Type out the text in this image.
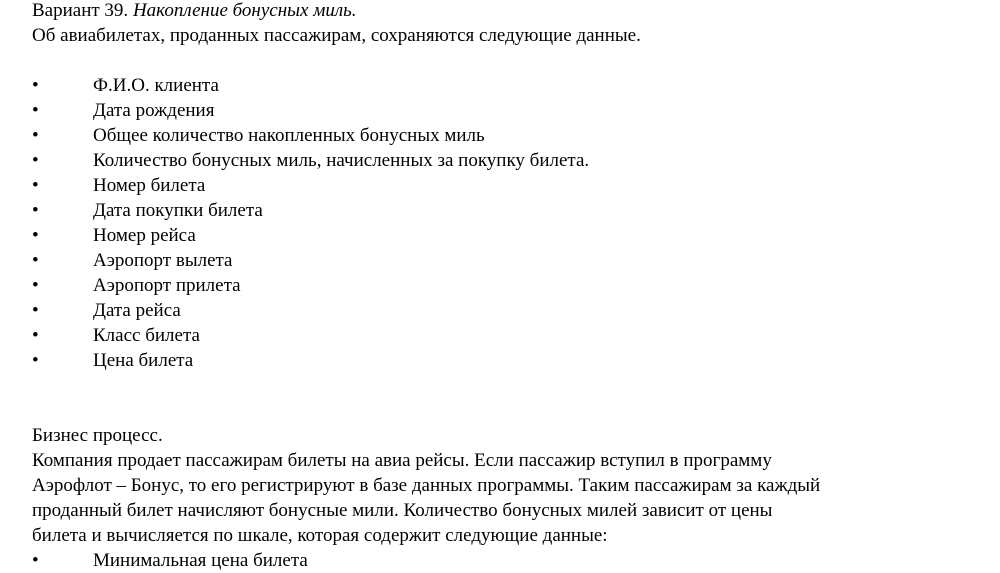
Вариант 39. Накопление бонусных миль.
Об авиабилетах, проданных пассажирам, сохраняются следующие данные.
•	Ф.И.О. клиента
•	Дата рождения
•	Общее количество накопленных бонусных миль
•	Количество бонусных миль, начисленных за покупку билета.
•	Номер билета
•	Дата покупки билета
•	Номер рейса
•	Аэропорт вылета
•	Аэропорт прилета
•	Дата рейса
•	Класс билета
•	Цена билета
Бизнес процесс.
Компания продает пассажирам билеты на авиа рейсы. Если пассажир вступил в программу
Аэрофлот – Бонус, то его регистрируют в базе данных программы. Таким пассажирам за каждый
проданный билет начисляют бонусные мили. Количество бонусных милей зависит от цены
билета и вычисляется по шкале, которая содержит следующие данные:
•	Минимальная цена билета
